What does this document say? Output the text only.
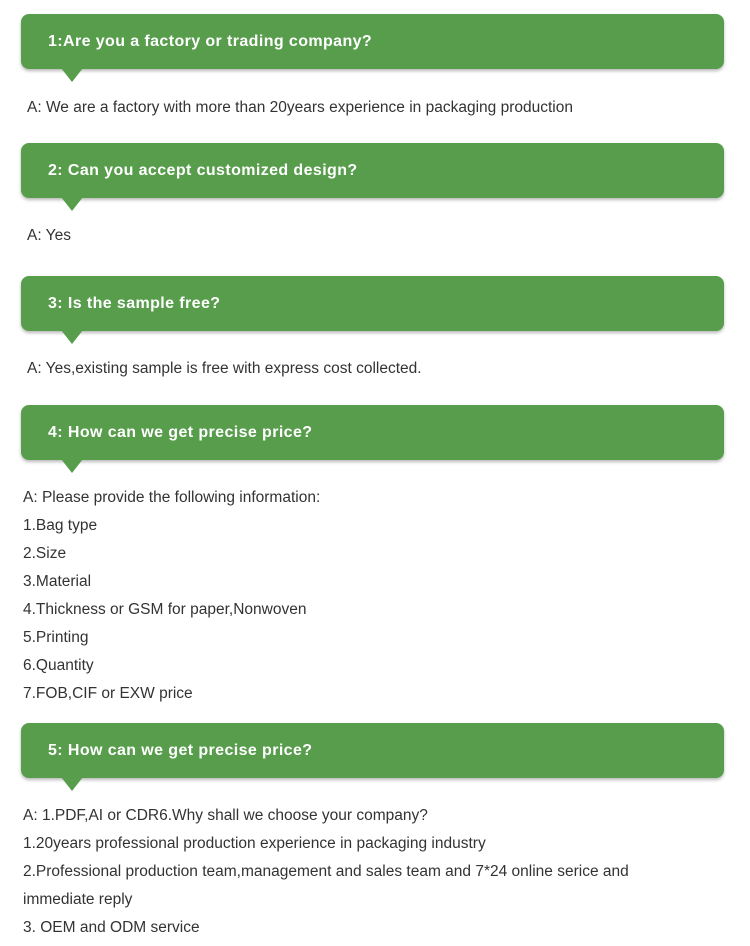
1:Are you a factory or trading company?
A: We are a factory with more than 20years experience in packaging production
2: Can you accept customized design?
A: Yes
3: Is the sample free?
A: Yes,existing sample is free with express cost collected.
4: How can we get precise price?
A: Please provide the following information:
1.Bag type
2.Size
3.Material
4.Thickness or GSM for paper,Nonwoven
5.Printing
6.Quantity
7.FOB,CIF or EXW price
5: How can we get precise price?
A: 1.PDF,AI or CDR6.Why shall we choose your company?
1.20years professional production experience in packaging industry
2.Professional production team,management and sales team and 7*24 online serice and
immediate reply
3. OEM and ODM service
